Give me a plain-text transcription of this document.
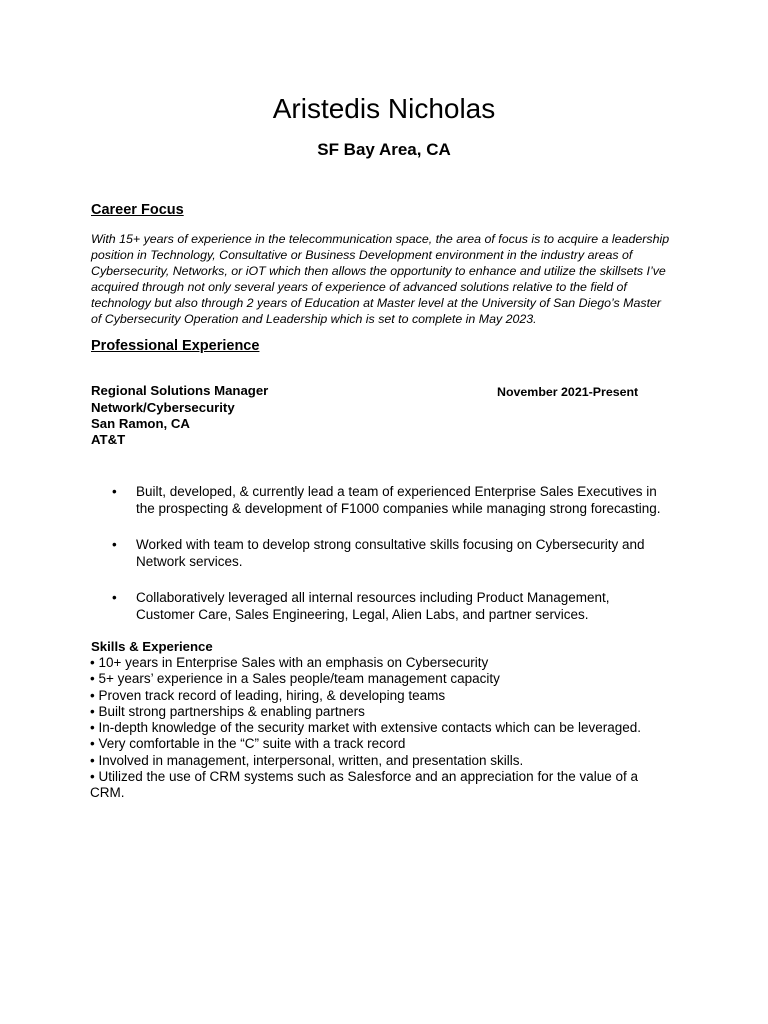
Aristedis Nicholas
SF Bay Area, CA
Career Focus
With 15+ years of experience in the telecommunication space, the area of focus is to acquire a leadership
position in Technology, Consultative or Business Development environment in the industry areas of
Cybersecurity, Networks, or iOT which then allows the opportunity to enhance and utilize the skillsets I’ve
acquired through not only several years of experience of advanced solutions relative to the field of
technology but also through 2 years of Education at Master level at the University of San Diego’s Master
of Cybersecurity Operation and Leadership which is set to complete in May 2023.
Professional Experience
Regional Solutions Manager	November 2021-Present
Network/Cybersecurity
San Ramon, CA
AT&T
• Built, developed, & currently lead a team of experienced Enterprise Sales Executives in
the prospecting & development of F1000 companies while managing strong forecasting.
• Worked with team to develop strong consultative skills focusing on Cybersecurity and
Network services.
• Collaboratively leveraged all internal resources including Product Management,
Customer Care, Sales Engineering, Legal, Alien Labs, and partner services.
Skills & Experience
• 10+ years in Enterprise Sales with an emphasis on Cybersecurity
• 5+ years’ experience in a Sales people/team management capacity
• Proven track record of leading, hiring, & developing teams
• Built strong partnerships & enabling partners
• In-depth knowledge of the security market with extensive contacts which can be leveraged.
• Very comfortable in the “C” suite with a track record
• Involved in management, interpersonal, written, and presentation skills.
• Utilized the use of CRM systems such as Salesforce and an appreciation for the value of a
CRM.
